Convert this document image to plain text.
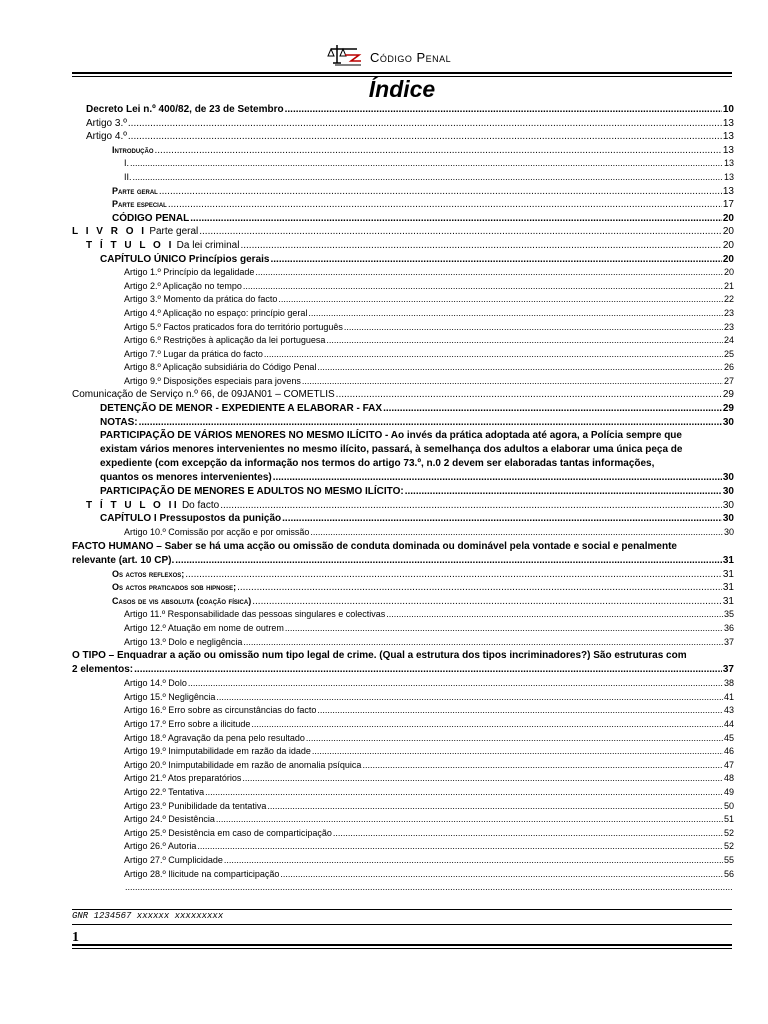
Código Penal
Índice
Decreto Lei n.º 400/82, de 23 de Setembro .....	10
Artigo 3.º .....	13
Artigo 4.º .....	13
Introdução .....	13
I. .....	13
II. .....	13
Parte geral .....	13
Parte especial .....	17
CÓDIGO PENAL .....	20
L I V R O I Parte geral .....	20
T Í T U L O I Da lei criminal .....	20
CAPÍTULO ÚNICO Princípios gerais .....	20
Artigo 1.º Princípio da legalidade .....	20
Artigo 2.º Aplicação no tempo .....	21
Artigo 3.º Momento da prática do facto .....	22
Artigo 4.º Aplicação no espaço: princípio geral .....	23
Artigo 5.º Factos praticados fora do território português .....	23
Artigo 6.º Restrições à aplicação da lei portuguesa .....	24
Artigo 7.º Lugar da prática do facto .....	25
Artigo 8.º Aplicação subsidiária do Código Penal .....	26
Artigo 9.º Disposições especiais para jovens .....	27
Comunicação de Serviço n.º 66, de 09JAN01 – COMETLIS .....	29
DETENÇÃO DE MENOR - EXPEDIENTE A ELABORAR - FAX .....	29
NOTAS: .....	30
PARTICIPAÇÃO DE VÁRIOS MENORES NO MESMO ILÍCITO - Ao invés da prática adoptada até agora, a Polícia sempre que
existam vários menores intervenientes no mesmo ilícito, passará, à semelhança dos adultos a elaborar uma única peça de
expediente (com excepção da informação nos termos do artigo 73.º, n.0 2 devem ser elaboradas tantas informações,
quantos os menores intervenientes) .....	30
PARTICIPAÇÃO DE MENORES E ADULTOS NO MESMO ILÍCITO: .....	30
T Í T U L O II Do facto .....	30
CAPÍTULO I Pressupostos da punição .....	30
Artigo 10.º Comissão por acção e por omissão .....	30
FACTO HUMANO – Saber se há uma acção ou omissão de conduta dominada ou dominável pela vontade e social e penalmente
relevante (art. 10 CP). .....	31
Os actos reflexos; .....	31
Os actos praticados sob hipnose; .....	31
Casos de vis absoluta (coação física) .....	31
Artigo 11.º Responsabilidade das pessoas singulares e colectivas .....	35
Artigo 12.º Atuação em nome de outrem .....	36
Artigo 13.º Dolo e negligência .....	37
O TIPO – Enquadrar a ação ou omissão num tipo legal de crime. (Qual a estrutura dos tipos incriminadores?) São estruturas com
2 elementos: .....	37
Artigo 14.º Dolo .....	38
Artigo 15.º Negligência .....	41
Artigo 16.º Erro sobre as circunstâncias do facto .....	43
Artigo 17.º Erro sobre a ilicitude .....	44
Artigo 18.º Agravação da pena pelo resultado .....	45
Artigo 19.º Inimputabilidade em razão da idade .....	46
Artigo 20.º Inimputabilidade em razão de anomalia psíquica .....	47
Artigo 21.º Atos preparatórios .....	48
Artigo 22.º Tentativa .....	49
Artigo 23.º Punibilidade da tentativa .....	50
Artigo 24.º Desistência .....	51
Artigo 25.º Desistência em caso de comparticipação .....	52
Artigo 26.º Autoria .....	52
Artigo 27.º Cumplicidade .....	55
Artigo 28.º Ilicitude na comparticipação .....	56
.....
GNR 1234567 xxxxxx xxxxxxxxx
1
